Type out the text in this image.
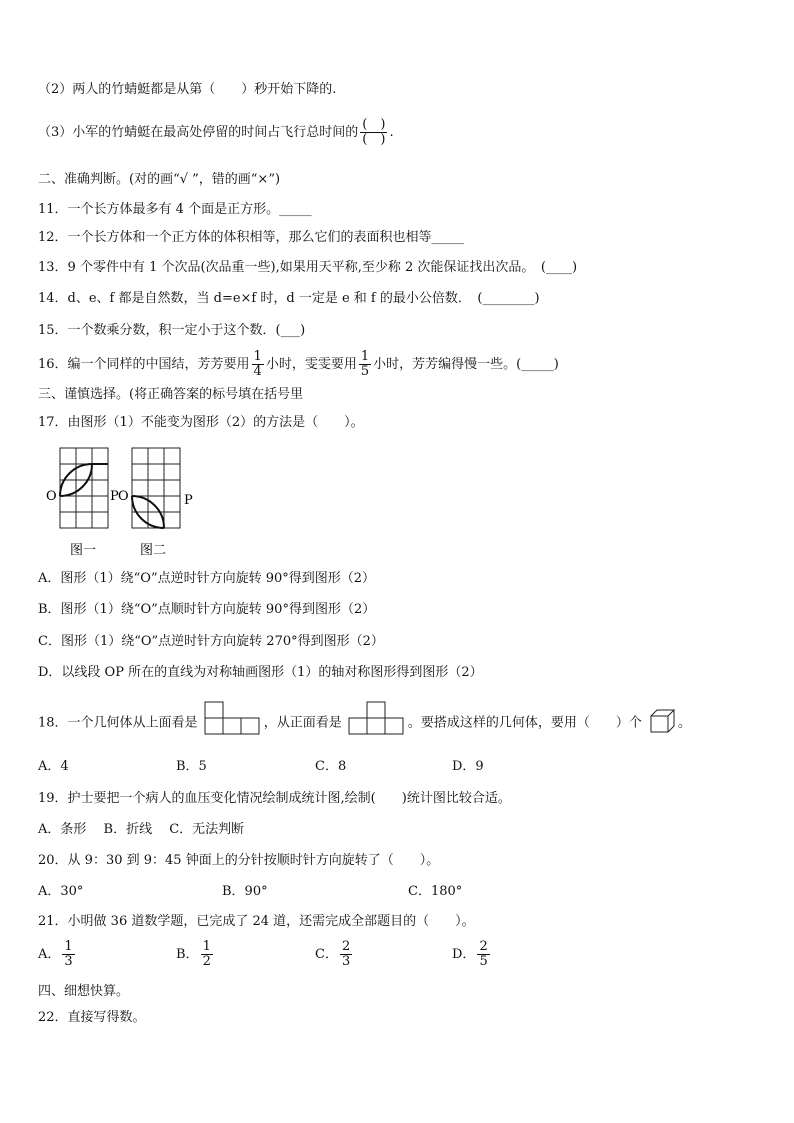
（2）两人的竹蜻蜓都是从第（　　）秒开始下降的.
（3）小军的竹蜻蜓在最高处停留的时间占飞行总时间的 $\frac{( )}{( )}$ .
二、准确判断。(对的画“√ ”，错的画“×”)
11．一个长方体最多有 4 个面是正方形。_____
12．一个长方体和一个正方体的体积相等，那么它们的表面积也相等_____
13．9 个零件中有 1 个次品(次品重一些),如果用天平称,至少称 2 次能保证找出次品。　(____)
14．d、e、f 都是自然数，当 d=e×f 时，d 一定是 e 和 f 的最小公倍数．　(________)
15．一个数乘分数，积一定小于这个数．(___)
16．编一个同样的中国结，芳芳要用 $\frac{1}{4}$ 小时，雯雯要用 $\frac{1}{5}$ 小时，芳芳编得慢一些。(_____)
三、谨慎选择。(将正确答案的标号填在括号里
17．由图形（1）不能变为图形（2）的方法是（　　）。
O	P O	P
图一	图二
A．图形（1）绕“O”点逆时针方向旋转 90°得到图形（2）
B．图形（1）绕“O”点顺时针方向旋转 90°得到图形（2）
C．图形（1）绕“O”点逆时针方向旋转 270°得到图形（2）
D．以线段 OP 所在的直线为对称轴画图形（1）的轴对称图形得到图形（2）
18．一个几何体从上面看是	，从正面看是	。要搭成这样的几何体，要用（　　）个	。
A．4	B．5	C．8	D．9
19．护士要把一个病人的血压变化情况绘制成统计图,绘制(　　)统计图比较合适。
A．条形　 B．折线　 C．无法判断
20．从 9：30 到 9：45 钟面上的分针按顺时针方向旋转了（　　）。
A．30°	B．90°	C．180°
21．小明做 36 道数学题，已完成了 24 道，还需完成全部题目的（　　）。
A． $\frac{1}{3}$	B． $\frac{1}{2}$	C． $\frac{2}{3}$	D． $\frac{2}{5}$
四、细想快算。
22．直接写得数。
